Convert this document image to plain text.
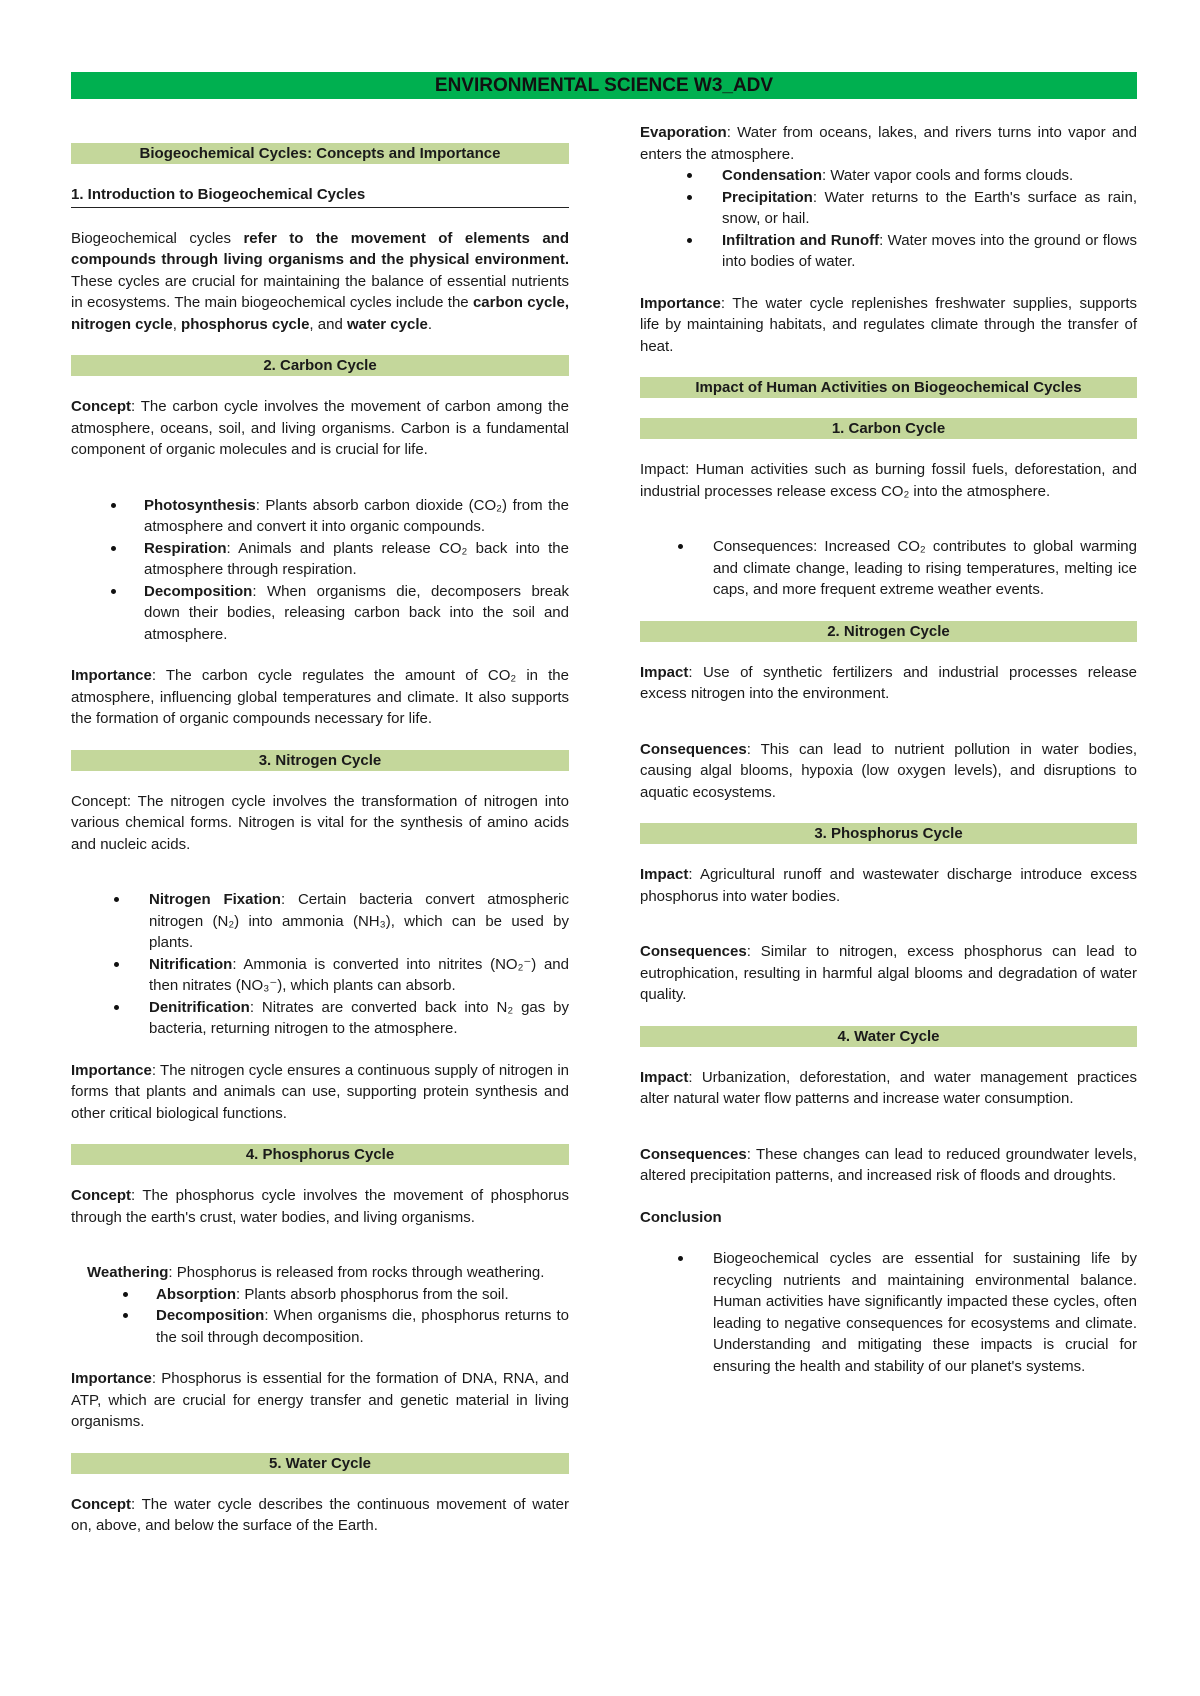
ENVIRONMENTAL SCIENCE W3_ADV
Biogeochemical Cycles: Concepts and Importance
1. Introduction to Biogeochemical Cycles

Biogeochemical cycles refer to the movement of elements and compounds through living organisms and the physical environment. These cycles are crucial for maintaining the balance of essential nutrients in ecosystems. The main biogeochemical cycles include the carbon cycle, nitrogen cycle, phosphorus cycle, and water cycle.

2. Carbon Cycle

Concept: The carbon cycle involves the movement of carbon among the atmosphere, oceans, soil, and living organisms. Carbon is a fundamental component of organic molecules and is crucial for life.

Photosynthesis: Plants absorb carbon dioxide (CO₂) from the atmosphere and convert it into organic compounds.
Respiration: Animals and plants release CO₂ back into the atmosphere through respiration.
Decomposition: When organisms die, decomposers break down their bodies, releasing carbon back into the soil and atmosphere.

Importance: The carbon cycle regulates the amount of CO₂ in the atmosphere, influencing global temperatures and climate. It also supports the formation of organic compounds necessary for life.

3. Nitrogen Cycle

Concept: The nitrogen cycle involves the transformation of nitrogen into various chemical forms. Nitrogen is vital for the synthesis of amino acids and nucleic acids.

Nitrogen Fixation: Certain bacteria convert atmospheric nitrogen (N₂) into ammonia (NH₃), which can be used by plants.
Nitrification: Ammonia is converted into nitrites (NO₂⁻) and then nitrates (NO₃⁻), which plants can absorb.
Denitrification: Nitrates are converted back into N₂ gas by bacteria, returning nitrogen to the atmosphere.

Importance: The nitrogen cycle ensures a continuous supply of nitrogen in forms that plants and animals can use, supporting protein synthesis and other critical biological functions.

4. Phosphorus Cycle

Concept: The phosphorus cycle involves the movement of phosphorus through the earth's crust, water bodies, and living organisms.

Weathering: Phosphorus is released from rocks through weathering.

Absorption: Plants absorb phosphorus from the soil.
Decomposition: When organisms die, phosphorus returns to the soil through decomposition.

Importance: Phosphorus is essential for the formation of DNA, RNA, and ATP, which are crucial for energy transfer and genetic material in living organisms.

5. Water Cycle

Concept: The water cycle describes the continuous movement of water on, above, and below the surface of the Earth.

Evaporation: Water from oceans, lakes, and rivers turns into vapor and enters the atmosphere.

Condensation: Water vapor cools and forms clouds.
Precipitation: Water returns to the Earth's surface as rain, snow, or hail.
Infiltration and Runoff: Water moves into the ground or flows into bodies of water.

Importance: The water cycle replenishes freshwater supplies, supports life by maintaining habitats, and regulates climate through the transfer of heat.

Impact of Human Activities on Biogeochemical Cycles
1. Carbon Cycle

Impact: Human activities such as burning fossil fuels, deforestation, and industrial processes release excess CO₂ into the atmosphere.

Consequences: Increased CO₂ contributes to global warming and climate change, leading to rising temperatures, melting ice caps, and more frequent extreme weather events.
2. Nitrogen Cycle

Impact: Use of synthetic fertilizers and industrial processes release excess nitrogen into the environment.

Consequences: This can lead to nutrient pollution in water bodies, causing algal blooms, hypoxia (low oxygen levels), and disruptions to aquatic ecosystems.

3. Phosphorus Cycle

Impact: Agricultural runoff and wastewater discharge introduce excess phosphorus into water bodies.

Consequences: Similar to nitrogen, excess phosphorus can lead to eutrophication, resulting in harmful algal blooms and degradation of water quality.

4. Water Cycle

Impact: Urbanization, deforestation, and water management practices alter natural water flow patterns and increase water consumption.

Consequences: These changes can lead to reduced groundwater levels, altered precipitation patterns, and increased risk of floods and droughts.

Conclusion

Biogeochemical cycles are essential for sustaining life by recycling nutrients and maintaining environmental balance. Human activities have significantly impacted these cycles, often leading to negative consequences for ecosystems and climate. Understanding and mitigating these impacts is crucial for ensuring the health and stability of our planet's systems.
